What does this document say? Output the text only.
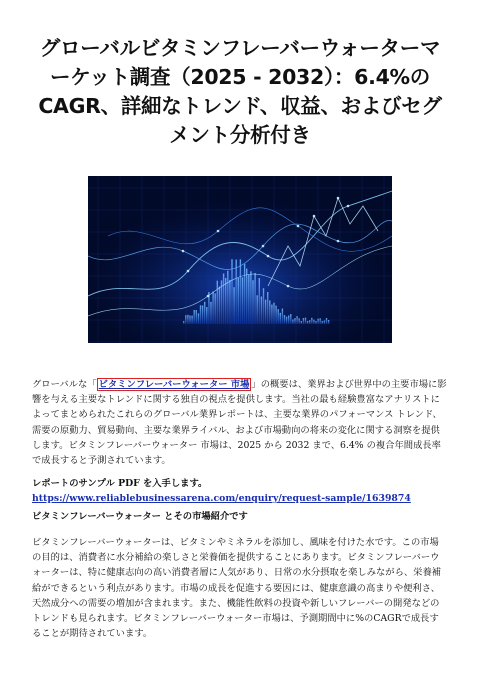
グローバルビタミンフレーバーウォーターマーケット調査（2025 - 2032）：6.4%のCAGR、詳細なトレンド、収益、およびセグメント分析付き

グローバルな「 ビタミンフレーバーウォーター 市場 」の概要は、業界および世界中の主要市場に影響を与える主要なトレンドに関する独自の視点を提供します。当社の最も経験豊富なアナリストによってまとめられたこれらのグローバル業界レポートは、主要な業界のパフォーマンス トレンド、需要の原動力、貿易動向、主要な業界ライバル、および市場動向の将来の変化に関する洞察を提供します。ビタミンフレーバーウォーター 市場は、2025 から 2032 まで、6.4% の複合年間成長率で成長すると予測されています。

レポートのサンプル PDF を入手します。 https://www.reliablebusinessarena.com/enquiry/request-sample/1639874

ビタミンフレーバーウォーター とその市場紹介です

ビタミンフレーバーウォーターは、ビタミンやミネラルを添加し、風味を付けた水です。この市場の目的は、消費者に水分補給の楽しさと栄養価を提供することにあります。ビタミンフレーバーウォーターは、特に健康志向の高い消費者層に人気があり、日常の水分摂取を楽しみながら、栄養補給ができるという利点があります。市場の成長を促進する要因には、健康意識の高まりや便利さ、天然成分への需要の増加が含まれます。また、機能性飲料の投資や新しいフレーバーの開発などのトレンドも見られます。ビタミンフレーバーウォーター市場は、予測期間中に%のCAGRで成長することが期待されています。
